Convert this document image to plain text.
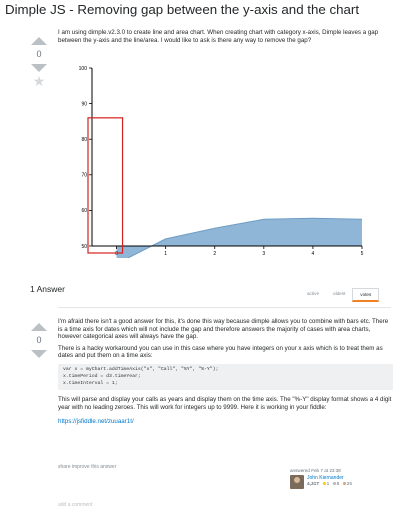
Dimple JS - Removing gap between the y-axis and the chart
0
★

I am using dimple.v2.3.0 to create line and area chart. When creating chart with category x-axis, Dimple leaves a gap between the y-axis and the line/area. I would like to ask is there any way to remove the gap?

100
90
80
70
60
50
0	1	2	3	4	5
1 Answer	active	oldest	votes
0

I'm afraid there isn't a good answer for this, it's done this way because dimple allows you to combine with bars etc. There is a time axis for dates which will not include the gap and therefore answers the majority of cases with area charts, however categorical axes will always have the gap.

There is a hacky workaround you can use in this case where you have integers on your x axis which is to treat them as dates and put them on a time axis:

var x = myChart.addTimeAxis("x", "Call", "%Y", "%-Y");
x.timePeriod = d3.timeYear;
x.timeInterval = 1;

This will parse and display your calls as years and display them on the time axis. The "%-Y" display format shows a 4 digit year with no leading zeroes. This will work for integers up to 9999. Here it is working in your fiddle:

https://jsfiddle.net/zuuaar1t/

share improve this answer
answered Feb 7 at 23:38
John Kiernander
4,31T 1 8 25
add a comment
